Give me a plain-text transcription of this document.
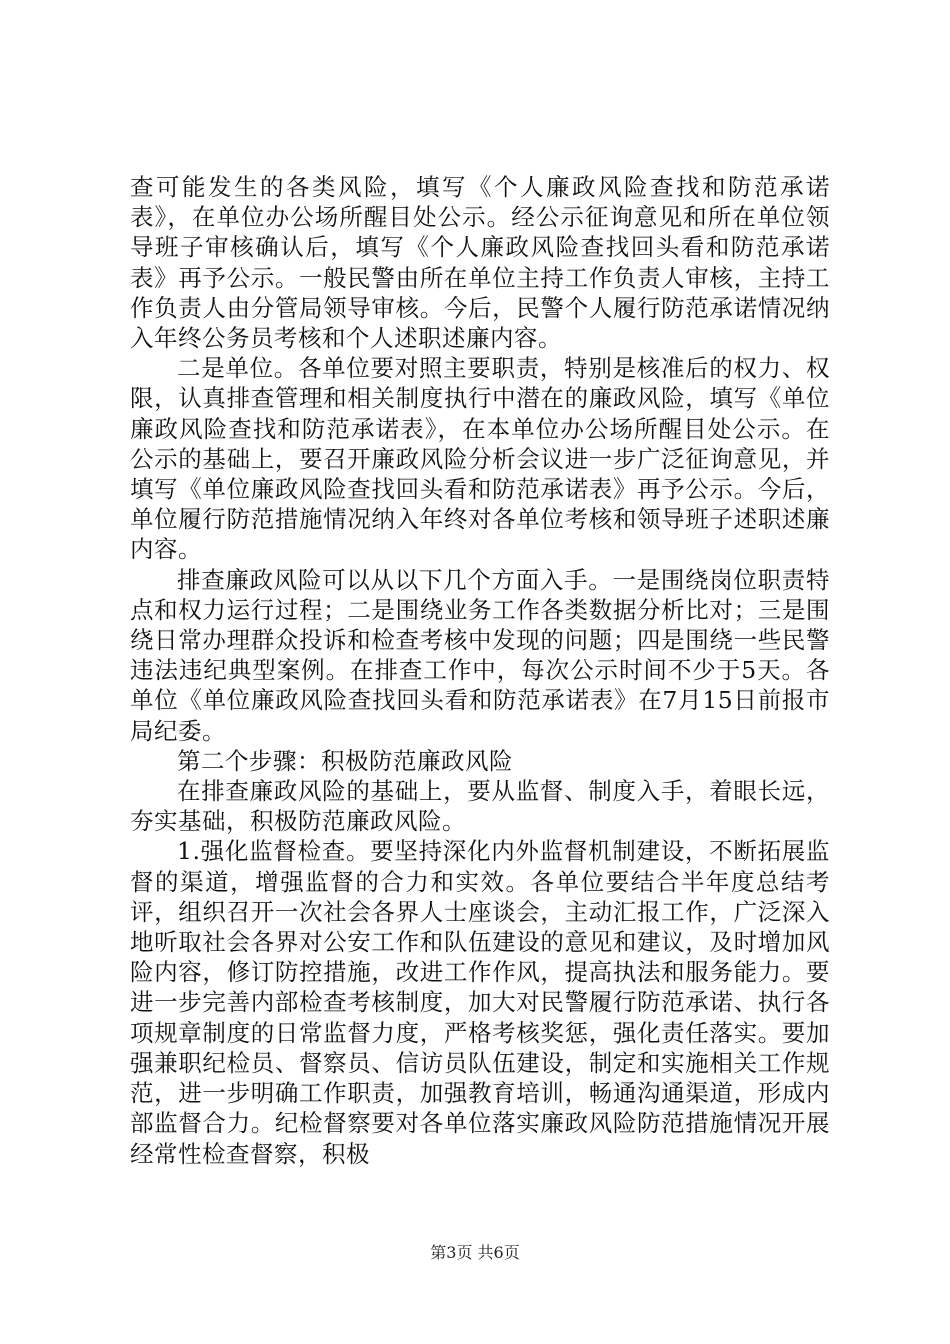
查可能发生的各类风险，填写《个人廉政风险查找和防范承诺表》，在单位办公场所醒目处公示。经公示征询意见和所在单位领导班子审核确认后，填写《个人廉政风险查找回头看和防范承诺表》再予公示。一般民警由所在单位主持工作负责人审核，主持工作负责人由分管局领导审核。今后，民警个人履行防范承诺情况纳入年终公务员考核和个人述职述廉内容。

二是单位。各单位要对照主要职责，特别是核准后的权力、权限，认真排查管理和相关制度执行中潜在的廉政风险，填写《单位廉政风险查找和防范承诺表》，在本单位办公场所醒目处公示。在公示的基础上，要召开廉政风险分析会议进一步广泛征询意见，并填写《单位廉政风险查找回头看和防范承诺表》再予公示。今后，单位履行防范措施情况纳入年终对各单位考核和领导班子述职述廉内容。

排查廉政风险可以从以下几个方面入手。一是围绕岗位职责特点和权力运行过程；二是围绕业务工作各类数据分析比对；三是围绕日常办理群众投诉和检查考核中发现的问题；四是围绕一些民警违法违纪典型案例。在排查工作中，每次公示时间不少于5天。各单位《单位廉政风险查找回头看和防范承诺表》在7月15日前报市局纪委。

第二个步骤：积极防范廉政风险

在排查廉政风险的基础上，要从监督、制度入手，着眼长远，夯实基础，积极防范廉政风险。

1.强化监督检查。要坚持深化内外监督机制建设，不断拓展监督的渠道，增强监督的合力和实效。各单位要结合半年度总结考评，组织召开一次社会各界人士座谈会，主动汇报工作，广泛深入地听取社会各界对公安工作和队伍建设的意见和建议，及时增加风险内容，修订防控措施，改进工作作风，提高执法和服务能力。要进一步完善内部检查考核制度，加大对民警履行防范承诺、执行各项规章制度的日常监督力度，严格考核奖惩，强化责任落实。要加强兼职纪检员、督察员、信访员队伍建设，制定和实施相关工作规范，进一步明确工作职责，加强教育培训，畅通沟通渠道，形成内部监督合力。纪检督察要对各单位落实廉政风险防范措施情况开展经常性检查督察，积极

第3页 共6页
